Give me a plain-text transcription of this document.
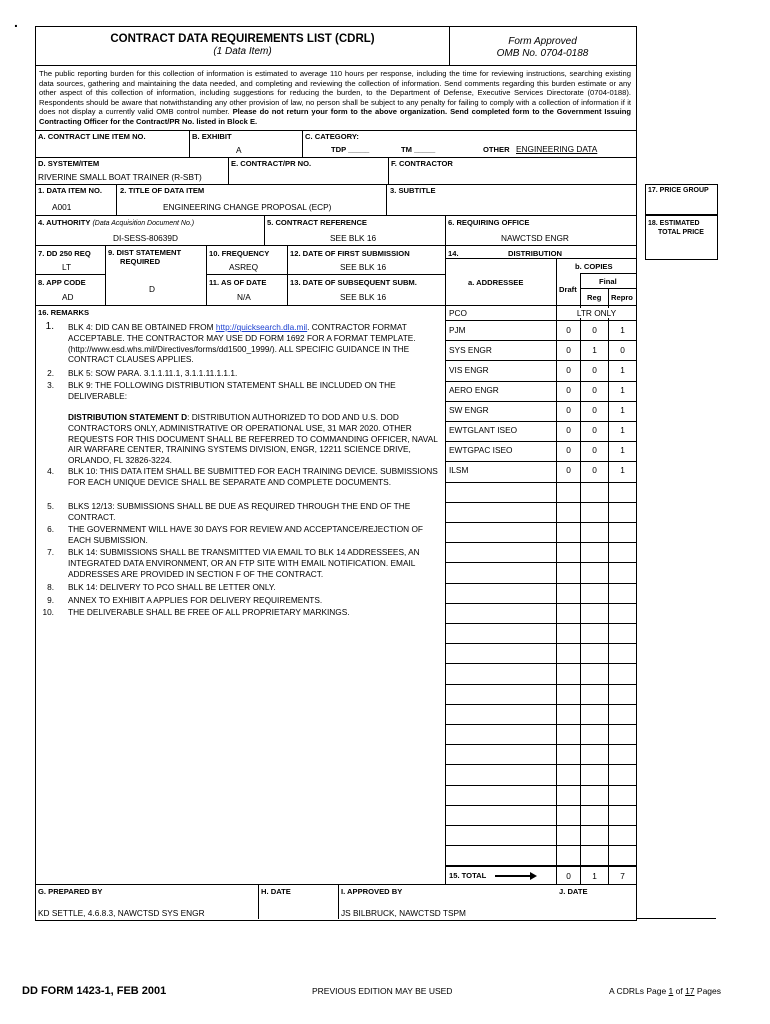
.
CONTRACT DATA REQUIREMENTS LIST (CDRL)
(1 Data Item)
Form Approved
OMB No. 0704-0188
The public reporting burden for this collection of information is estimated to average 110 hours per response, including the time for reviewing instructions, searching existing data sources, gathering and maintaining the data needed, and completing and reviewing the collection of information. Send comments regarding this burden estimate or any other aspect of this collection of information, including suggestions for reducing the burden, to the Department of Defense, Executive Services Directorate (0704-0188). Respondents should be aware that notwithstanding any other provision of law, no person shall be subject to any penalty for failing to comply with a collection of information if it does not display a currently valid OMB control number. Please do not return your form to the above organization. Send completed form to the Government Issuing Contracting Officer for the Contract/PR No. listed in Block E.
A. CONTRACT LINE ITEM NO.	B. EXHIBIT
A
C. CATEGORY:
TDP _____	TM _____	OTHER ENGINEERING DATA
D. SYSTEM/ITEM
RIVERINE SMALL BOAT TRAINER (R-SBT)
E. CONTRACT/PR NO.	F. CONTRACTOR
17. PRICE GROUP
18. ESTIMATED
TOTAL PRICE
1. DATA ITEM NO.
A001
2. TITLE OF DATA ITEM
ENGINEERING CHANGE PROPOSAL (ECP)
3. SUBTITLE
4. AUTHORITY (Data Acquisition Document No.)
DI-SESS-80639D
5. CONTRACT REFERENCE
SEE BLK 16
6. REQUIRING OFFICE
NAWCTSD ENGR
7. DD 250 REQ
LT
9. DIST STATEMENT
REQUIRED
D
10. FREQUENCY
ASREQ
12. DATE OF FIRST SUBMISSION
SEE BLK 16
14.	DISTRIBUTION
8. APP CODE
AD
11. AS OF DATE
N/A
13. DATE OF SUBSEQUENT SUBM.
SEE BLK 16
a. ADDRESSEE
b. COPIES
Draft
Final
Reg Repro
16. REMARKS
1. BLK 4: DID CAN BE OBTAINED FROM http://quicksearch.dla.mil. CONTRACTOR FORMAT ACCEPTABLE. THE CONTRACTOR MAY USE DD FORM 1692 FOR A FORMAT TEMPLATE. (http://www.esd.whs.mil/Directives/forms/dd1500_1999/). ALL SPECIFIC GUIDANCE IN THE CONTRACT CLAUSES APPLIES.
2. BLK 5: SOW PARA. 3.1.1.11.1, 3.1.1.11.1.1.1.
3. BLK 9: THE FOLLOWING DISTRIBUTION STATEMENT SHALL BE INCLUDED ON THE DELIVERABLE:
DISTRIBUTION STATEMENT D: DISTRIBUTION AUTHORIZED TO DOD AND U.S. DOD CONTRACTORS ONLY, ADMINISTRATIVE OR OPERATIONAL USE, 31 MAR 2020. OTHER REQUESTS FOR THIS DOCUMENT SHALL BE REFERRED TO COMMANDING OFFICER, NAVAL AIR WARFARE CENTER, TRAINING SYSTEMS DIVISION, ENGR, 12211 SCIENCE DRIVE, ORLANDO, FL 32826-3224.
4. BLK 10: THIS DATA ITEM SHALL BE SUBMITTED FOR EACH TRAINING DEVICE. SUBMISSIONS FOR EACH UNIQUE DEVICE SHALL BE SEPARATE AND COMPLETE DOCUMENTS.
5. BLKS 12/13: SUBMISSIONS SHALL BE DUE AS REQUIRED THROUGH THE END OF THE CONTRACT.
6. THE GOVERNMENT WILL HAVE 30 DAYS FOR REVIEW AND ACCEPTANCE/REJECTION OF EACH SUBMISSION.
7. BLK 14: SUBMISSIONS SHALL BE TRANSMITTED VIA EMAIL TO BLK 14 ADDRESSEES, AN INTEGRATED DATA ENVIRONMENT, OR AN FTP SITE WITH EMAIL NOTIFICATION. EMAIL ADDRESSES ARE PROVIDED IN SECTION F OF THE CONTRACT.
8. BLK 14: DELIVERY TO PCO SHALL BE LETTER ONLY.
9. ANNEX TO EXHIBIT A APPLIES FOR DELIVERY REQUIREMENTS.
10. THE DELIVERABLE SHALL BE FREE OF ALL PROPRIETARY MARKINGS.
PCO	LTR ONLY
PJM	0	0	1
SYS ENGR	0	1	0
VIS ENGR	0	0	1
AERO ENGR	0	0	1
SW ENGR	0	0	1
EWTGLANT ISEO	0	0	1
EWTGPAC ISEO	0	0	1
ILSM	0	0	1
15. TOTAL	0	1	7
G. PREPARED BY
KD SETTLE, 4.6.8.3, NAWCTSD SYS ENGR
H. DATE	I. APPROVED BY
JS BILBRUCK, NAWCTSD TSPM
J. DATE
DD FORM 1423-1, FEB 2001	PREVIOUS EDITION MAY BE USED	A CDRLs Page 1 of 17 Pages
